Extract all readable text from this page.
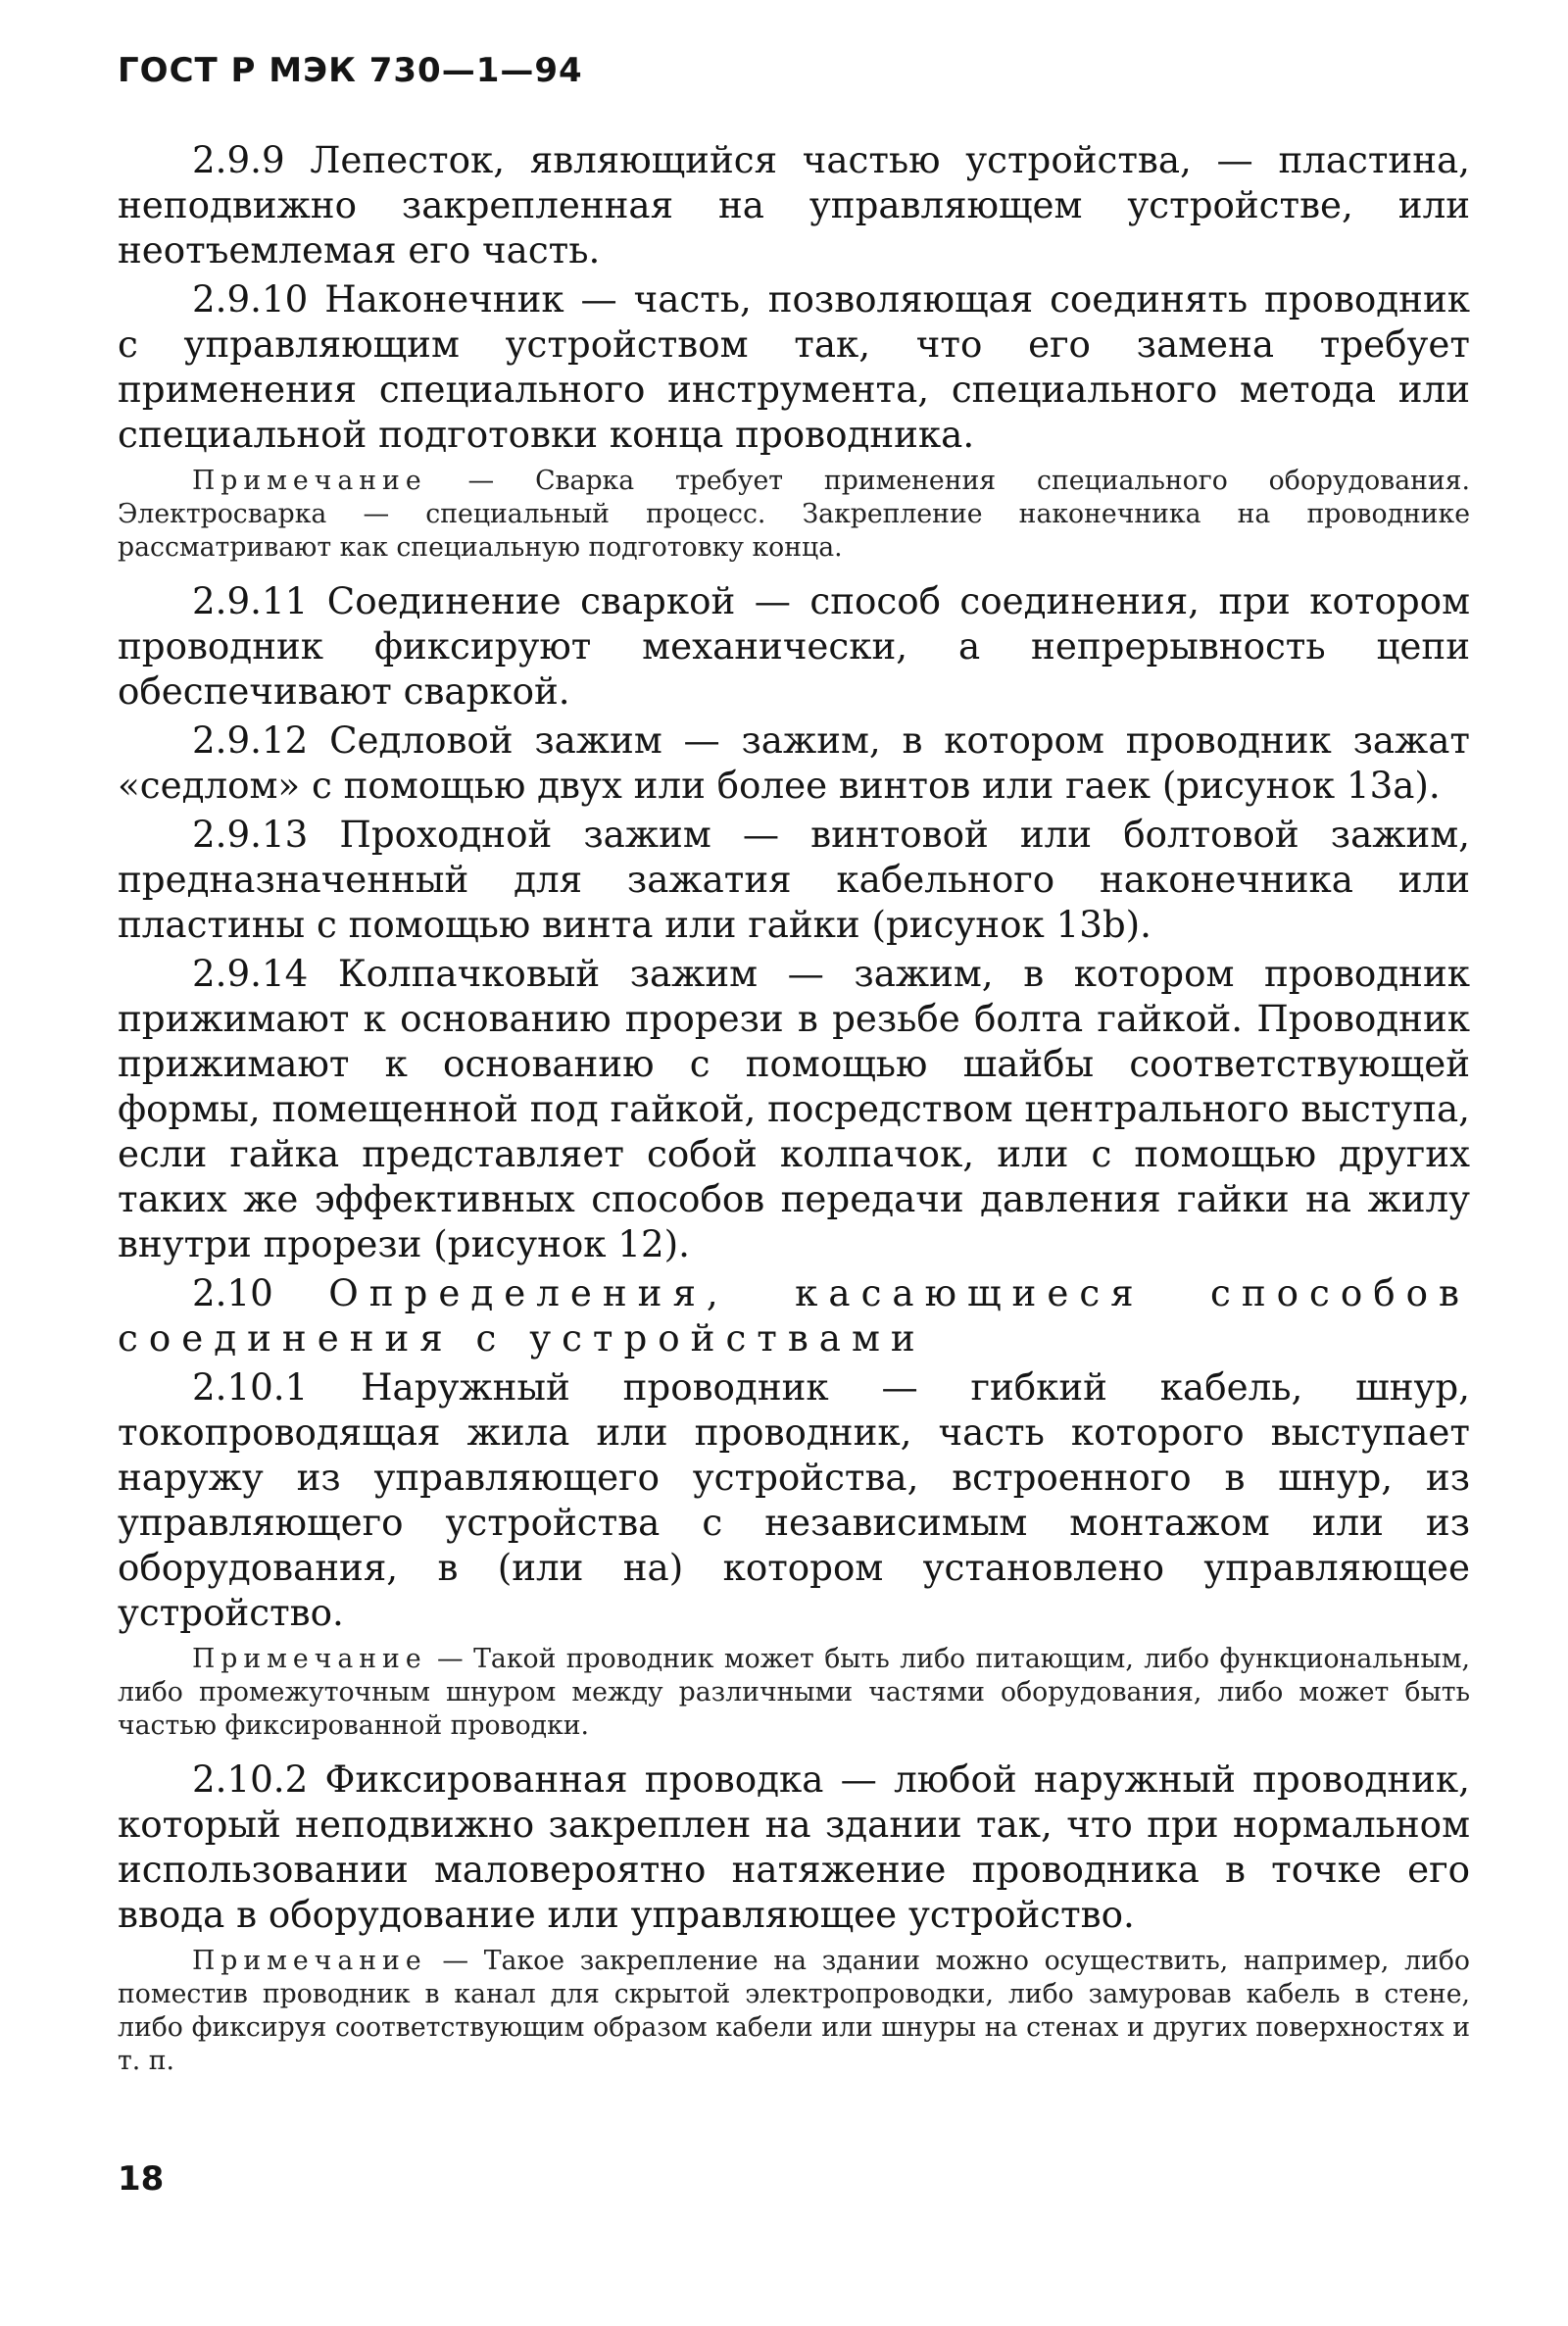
ГОСТ Р МЭК 730—1—94

2.9.9 Лепесток, являющийся частью устройства, — пластина, неподвижно закрепленная на управляющем устройстве, или неотъемлемая его часть.

2.9.10 Наконечник — часть, позволяющая соединять проводник с управляющим устройством так, что его замена требует применения специального инструмента, специального метода или специальной подготовки конца проводника.

Примечание — Сварка требует применения специального оборудования. Электросварка — специальный процесс. Закрепление наконечника на проводнике рассматривают как специальную подготовку конца.

2.9.11 Соединение сваркой — способ соединения, при котором проводник фиксируют механически, а непрерывность цепи обеспечивают сваркой.

2.9.12 Седловой зажим — зажим, в котором проводник зажат «седлом» с помощью двух или более винтов или гаек (рисунок 13а).

2.9.13 Проходной зажим — винтовой или болтовой зажим, предназначенный для зажатия кабельного наконечника или пластины с помощью винта или гайки (рисунок 13b).

2.9.14 Колпачковый зажим — зажим, в котором проводник прижимают к основанию прорези в резьбе болта гайкой. Проводник прижимают к основанию с помощью шайбы соответствующей формы, помещенной под гайкой, посредством центрального выступа, если гайка представляет собой колпачок, или с помощью других таких же эффективных способов передачи давления гайки на жилу внутри прорези (рисунок 12).

2.10 Определения, касающиеся способов соединения с устройствами

2.10.1 Наружный проводник — гибкий кабель, шнур, токопроводящая жила или проводник, часть которого выступает наружу из управляющего устройства, встроенного в шнур, из управляющего устройства с независимым монтажом или из оборудования, в (или на) котором установлено управляющее устройство.

Примечание — Такой проводник может быть либо питающим, либо функциональным, либо промежуточным шнуром между различными частями оборудования, либо может быть частью фиксированной проводки.

2.10.2 Фиксированная проводка — любой наружный проводник, который неподвижно закреплен на здании так, что при нормальном использовании маловероятно натяжение проводника в точке его ввода в оборудование или управляющее устройство.

Примечание — Такое закрепление на здании можно осуществить, например, либо поместив проводник в канал для скрытой электропроводки, либо замуровав кабель в стене, либо фиксируя соответствующим образом кабели или шнуры на стенах и других поверхностях и т. п.

18
